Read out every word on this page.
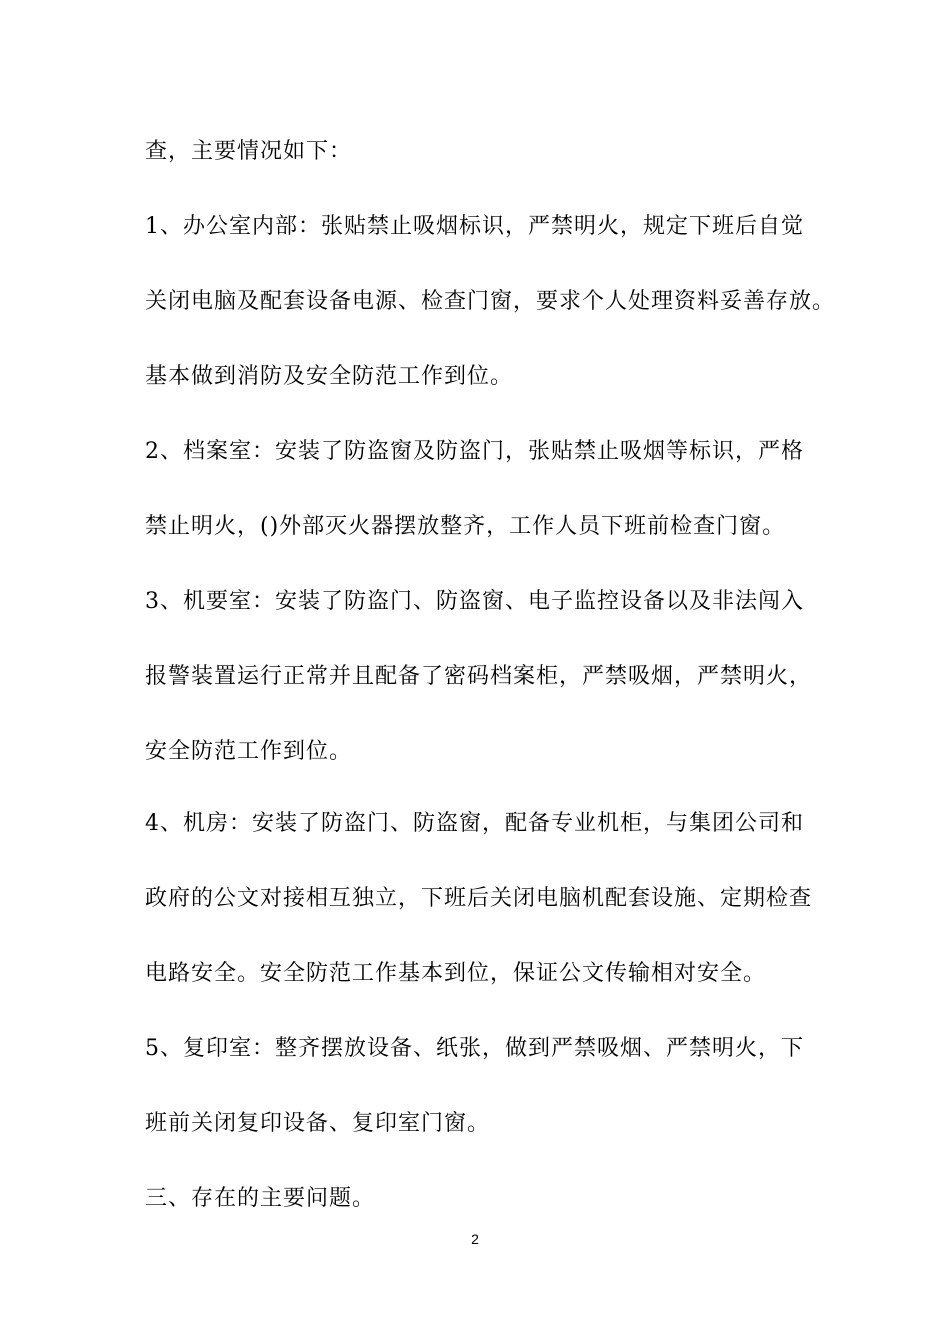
查，主要情况如下：
1、办公室内部：张贴禁止吸烟标识，严禁明火，规定下班后自觉
关闭电脑及配套设备电源、检查门窗，要求个人处理资料妥善存放。
基本做到消防及安全防范工作到位。
2、档案室：安装了防盗窗及防盗门，张贴禁止吸烟等标识，严格
禁止明火，()外部灭火器摆放整齐，工作人员下班前检查门窗。
3、机要室：安装了防盗门、防盗窗、电子监控设备以及非法闯入
报警装置运行正常并且配备了密码档案柜，严禁吸烟，严禁明火，
安全防范工作到位。
4、机房：安装了防盗门、防盗窗，配备专业机柜，与集团公司和
政府的公文对接相互独立，下班后关闭电脑机配套设施、定期检查
电路安全。安全防范工作基本到位，保证公文传输相对安全。
5、复印室：整齐摆放设备、纸张，做到严禁吸烟、严禁明火，下
班前关闭复印设备、复印室门窗。
三、存在的主要问题。
2
